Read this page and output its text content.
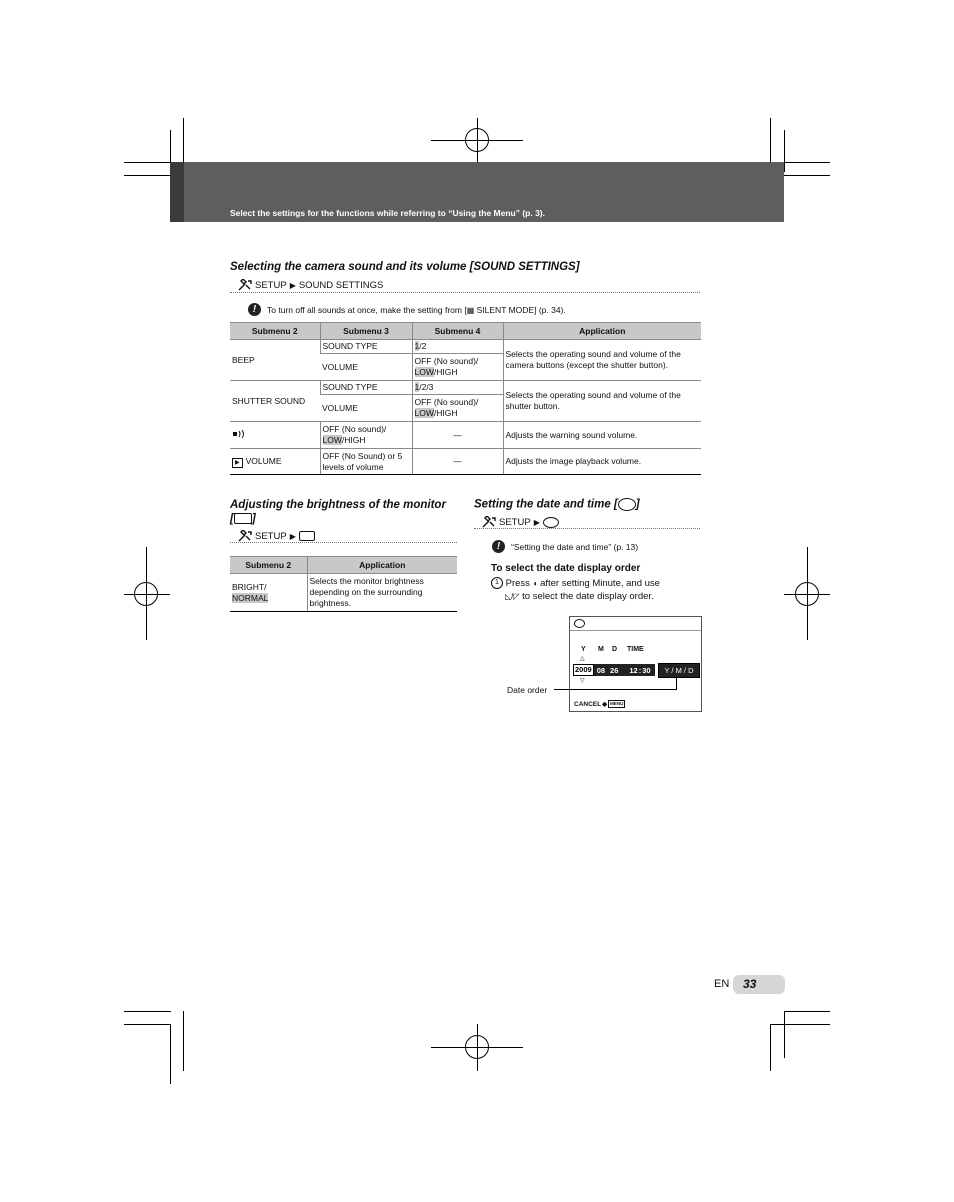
Select the settings for the functions while referring to “Using the Menu” (p. 3).
Selecting the camera sound and its volume [SOUND SETTINGS]
SETUP ▶ SOUND SETTINGS
!	To turn off all sounds at once, make the setting from [▦ SILENT MODE] (p. 34).
Submenu 2	Submenu 3	Submenu 4	Application
BEEP	SOUND TYPE	1/2	Selects the operating sound and volume of the camera buttons (except the shutter button).
	VOLUME	OFF (No sound)/
LOW/HIGH	
SHUTTER SOUND	SOUND TYPE	1/2/3	Selects the operating sound and volume of the shutter button.
	VOLUME	OFF (No sound)/
LOW/HIGH	
	OFF (No sound)/
LOW/HIGH	—	Adjusts the warning sound volume.
▶ VOLUME	OFF (No Sound) or 5 levels of volume	—	Adjusts the image playback volume.
Adjusting the brightness of the monitor
[ ]
SETUP ▶
Submenu 2	Application
BRIGHT/
NORMAL	Selects the monitor brightness depending on the surrounding brightness.
Setting the date and time [ ]
SETUP ▶
!	“Setting the date and time” (p. 13)
To select the date display order
1 Press ◖ after setting Minute, and use
◺/◸ to select the date display order.
Y	M	D	TIME
△
2009 08 26 12 : 30	Y / M / D
▽
CANCEL ◆ MENU
Date order
EN	33
